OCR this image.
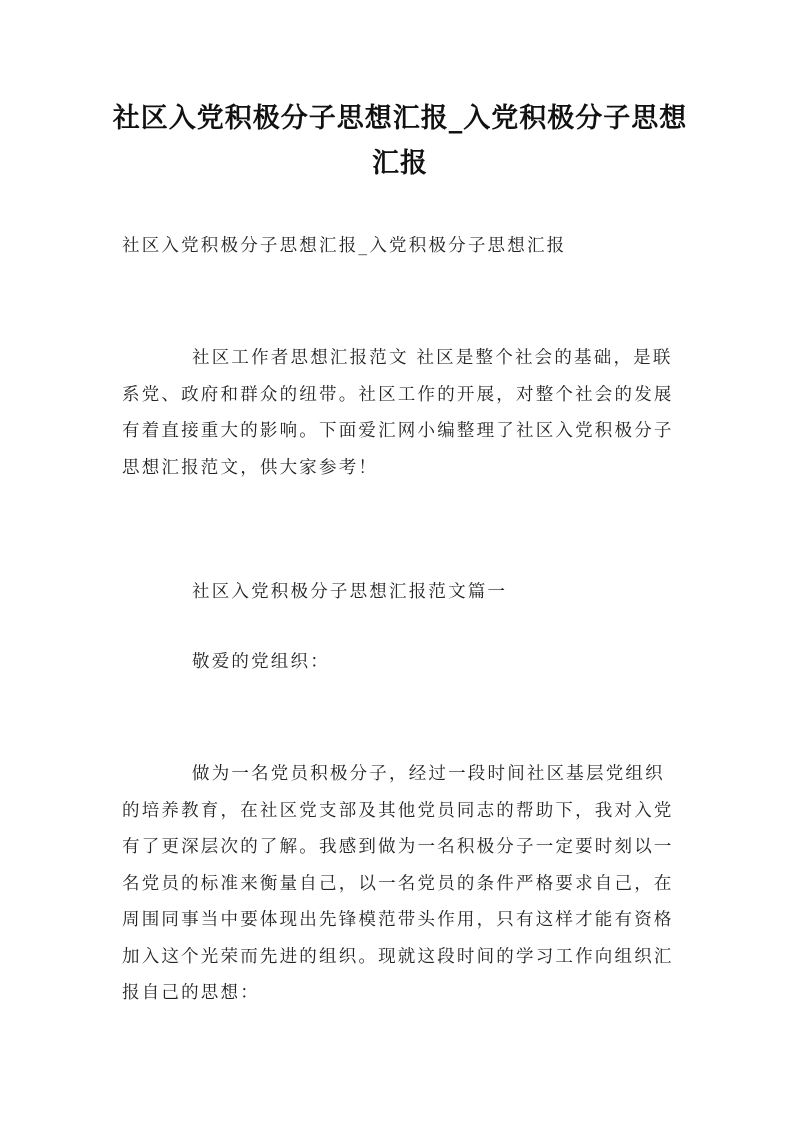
社区入党积极分子思想汇报_入党积极分子思想汇报

社区入党积极分子思想汇报_入党积极分子思想汇报

社区工作者思想汇报范文 社区是整个社会的基础，是联系党、政府和群众的纽带。社区工作的开展，对整个社会的发展有着直接重大的影响。下面爱汇网小编整理了社区入党积极分子思想汇报范文，供大家参考！

社区入党积极分子思想汇报范文篇一

敬爱的党组织：

做为一名党员积极分子，经过一段时间社区基层党组织的培养教育，在社区党支部及其他党员同志的帮助下，我对入党有了更深层次的了解。我感到做为一名积极分子一定要时刻以一名党员的标准来衡量自己，以一名党员的条件严格要求自己，在周围同事当中要体现出先锋模范带头作用，只有这样才能有资格加入这个光荣而先进的组织。现就这段时间的学习工作向组织汇报自己的思想：
